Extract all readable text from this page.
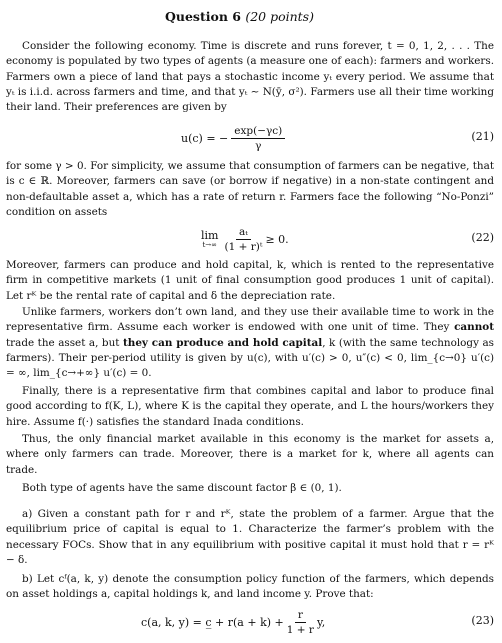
Question 6 (20 points)

Consider the following economy. Time is discrete and runs forever, t = 0, 1, 2, . . . The economy is populated by two types of agents (a measure one of each): farmers and workers. Farmers own a piece of land that pays a stochastic income yₜ every period. We assume that yₜ is i.i.d. across farmers and time, and that yₜ ∼ N(ȳ, σ²). Farmers use all their time working their land. Their preferences are given by

u(c) = − $\frac{\exp(-\gamma c)}{\gamma}$	(21)

for some γ > 0. For simplicity, we assume that consumption of farmers can be negative, that is c ∈ ℝ. Moreover, farmers can save (or borrow if negative) in a non-state contingent and non-defaultable asset a, which has a rate of return r. Farmers face the following “No-Ponzi” condition on assets

lim
$t\to\infty \frac{\text{aₜ}}{\text{(1 + r)ᵗ}} \ge 0$.	(22)

Moreover, farmers can produce and hold capital, k, which is rented to the representative firm in competitive markets (1 unit of final consumption good produces 1 unit of capital). Let rᴷ be the rental rate of capital and δ the depreciation rate.

Unlike farmers, workers don’t own land, and they use their available time to work in the representative firm. Assume each worker is endowed with one unit of time. They cannot trade the asset a, but they can produce and hold capital, k (with the same technology as farmers). Their per-period utility is given by u(c), with u′(c) > 0, u″(c) < 0, lim_{c→0} u′(c) = ∞, lim_{c→+∞} u′(c) = 0.

Finally, there is a representative firm that combines capital and labor to produce final good according to f(K, L), where K is the capital they operate, and L the hours/workers they hire. Assume f(·) satisfies the standard Inada conditions.

Thus, the only financial market available in this economy is the market for assets a, where only farmers can trade. Moreover, there is a market for k, where all agents can trade.

Both type of agents have the same discount factor β ∈ (0, 1).

a) Given a constant path for r and rᴷ, state the problem of a farmer. Argue that the equilibrium price of capital is equal to 1. Characterize the farmer’s problem with the necessary FOCs. Show that in any equilibrium with positive capital it must hold that r = rᴷ − δ.

b) Let cᶠ(a, k, y) denote the consumption policy function of the farmers, which depends on asset holdings a, capital holdings k, and land income y. Prove that:

c(a, k, y) = c̲ + $r(a + k) + \frac{r}{1 + r} y$,	(23)
